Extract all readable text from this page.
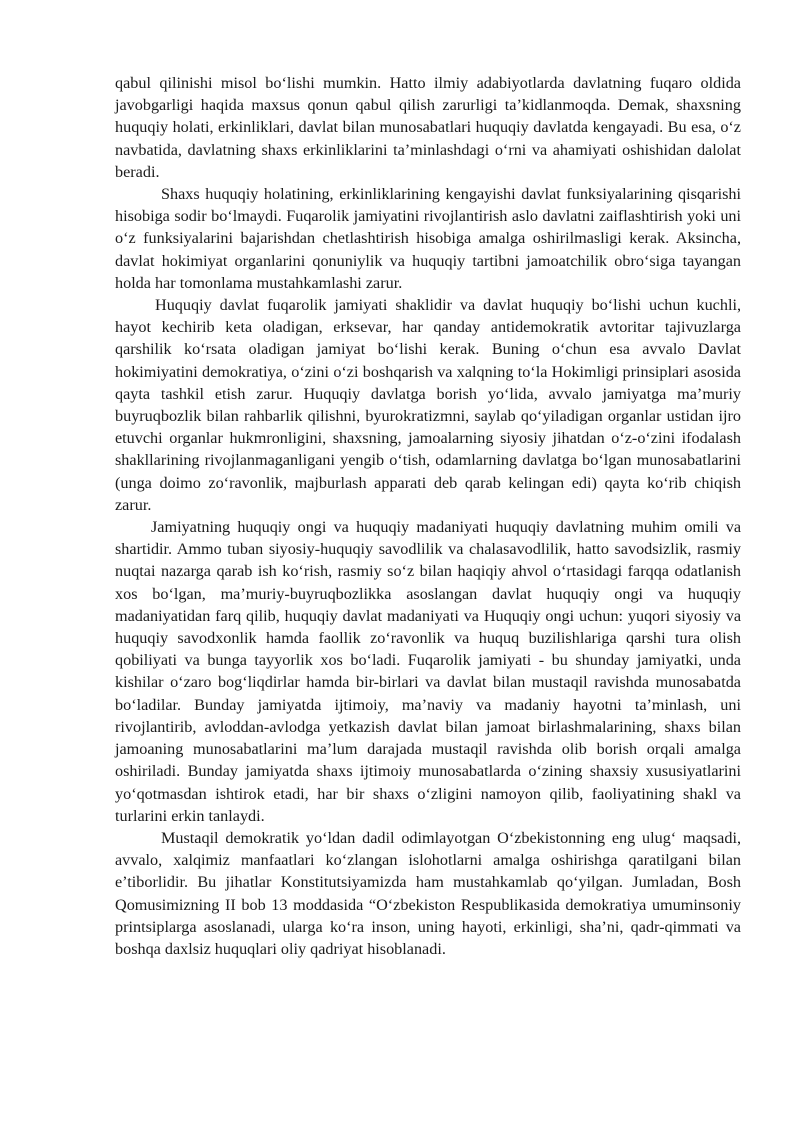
qabul qilinishi misol bo‘lishi mumkin. Hatto ilmiy adabiyotlarda davlatning fuqaro oldida javobgarligi haqida maxsus qonun qabul qilish zarurligi ta’kidlanmoqda. Demak, shaxsning huquqiy holati, erkinliklari, davlat bilan munosabatlari huquqiy davlatda kengayadi. Bu esa, o‘z navbatida, davlatning shaxs erkinliklarini ta’minlashdagi o‘rni va ahamiyati oshishidan dalolat beradi.

Shaxs huquqiy holatining, erkinliklarining kengayishi davlat funksiyalarining qisqarishi hisobiga sodir bo‘lmaydi. Fuqarolik jamiyatini rivojlantirish aslo davlatni zaiflashtirish yoki uni o‘z funksiyalarini bajarishdan chetlashtirish hisobiga amalga oshirilmasligi kerak. Aksincha, davlat hokimiyat organlarini qonuniylik va huquqiy tartibni jamoatchilik obro‘siga tayangan holda har tomonlama mustahkamlashi zarur.

Huquqiy davlat fuqarolik jamiyati shaklidir va davlat huquqiy bo‘lishi uchun kuchli, hayot kechirib keta oladigan, erksevar, har qanday antidemokratik avtoritar tajivuzlarga qarshilik ko‘rsata oladigan jamiyat bo‘lishi kerak. Buning o‘chun esa avvalo Davlat hokimiyatini demokratiya, o‘zini o‘zi boshqarish va xalqning to‘la Hokimligi prinsiplari asosida qayta tashkil etish zarur. Huquqiy davlatga borish yo‘lida, avvalo jamiyatga ma’muriy buyruqbozlik bilan rahbarlik qilishni, byurokratizmni, saylab qo‘yiladigan organlar ustidan ijro etuvchi organlar hukmronligini, shaxsning, jamoalarning siyosiy jihatdan o‘z-o‘zini ifodalash shakllarining rivojlanmaganligani yengib o‘tish, odamlarning davlatga bo‘lgan munosabatlarini (unga doimo zo‘ravonlik, majburlash apparati deb qarab kelingan edi) qayta ko‘rib chiqish zarur.

Jamiyatning huquqiy ongi va huquqiy madaniyati huquqiy davlatning muhim omili va shartidir. Ammo tuban siyosiy-huquqiy savodlilik va chalasavodlilik, hatto savodsizlik, rasmiy nuqtai nazarga qarab ish ko‘rish, rasmiy so‘z bilan haqiqiy ahvol o‘rtasidagi farqqa odatlanish xos bo‘lgan, ma’muriy-buyruqbozlikka asoslangan davlat huquqiy ongi va huquqiy madaniyatidan farq qilib, huquqiy davlat madaniyati va Huquqiy ongi uchun: yuqori siyosiy va huquqiy savodxonlik hamda faollik zo‘ravonlik va huquq buzilishlariga qarshi tura olish qobiliyati va bunga tayyorlik xos bo‘ladi. Fuqarolik jamiyati - bu shunday jamiyatki, unda kishilar o‘zaro bog‘liqdirlar hamda bir-birlari va davlat bilan mustaqil ravishda munosabatda bo‘ladilar. Bunday jamiyatda ijtimoiy, ma’naviy va madaniy hayotni ta’minlash, uni rivojlantirib, avloddan-avlodga yetkazish davlat bilan jamoat birlashmalarining, shaxs bilan jamoaning munosabatlarini ma’lum darajada mustaqil ravishda olib borish orqali amalga oshiriladi. Bunday jamiyatda shaxs ijtimoiy munosabatlarda o‘zining shaxsiy xususiyatlarini yo‘qotmasdan ishtirok etadi, har bir shaxs o‘zligini namoyon qilib, faoliyatining shakl va turlarini erkin tanlaydi.

Mustaqil demokratik yo‘ldan dadil odimlayotgan O‘zbekistonning eng ulug‘ maqsadi, avvalo, xalqimiz manfaatlari ko‘zlangan islohotlarni amalga oshirishga qaratilgani bilan e’tiborlidir. Bu jihatlar Konstitutsiyamizda ham mustahkamlab qo‘yilgan. Jumladan, Bosh Qomusimizning II bob 13 moddasida “O‘zbekiston Respublikasida demokratiya umuminsoniy printsiplarga asoslanadi, ularga ko‘ra inson, uning hayoti, erkinligi, sha’ni, qadr-qimmati va boshqa daxlsiz huquqlari oliy qadriyat hisoblanadi.
